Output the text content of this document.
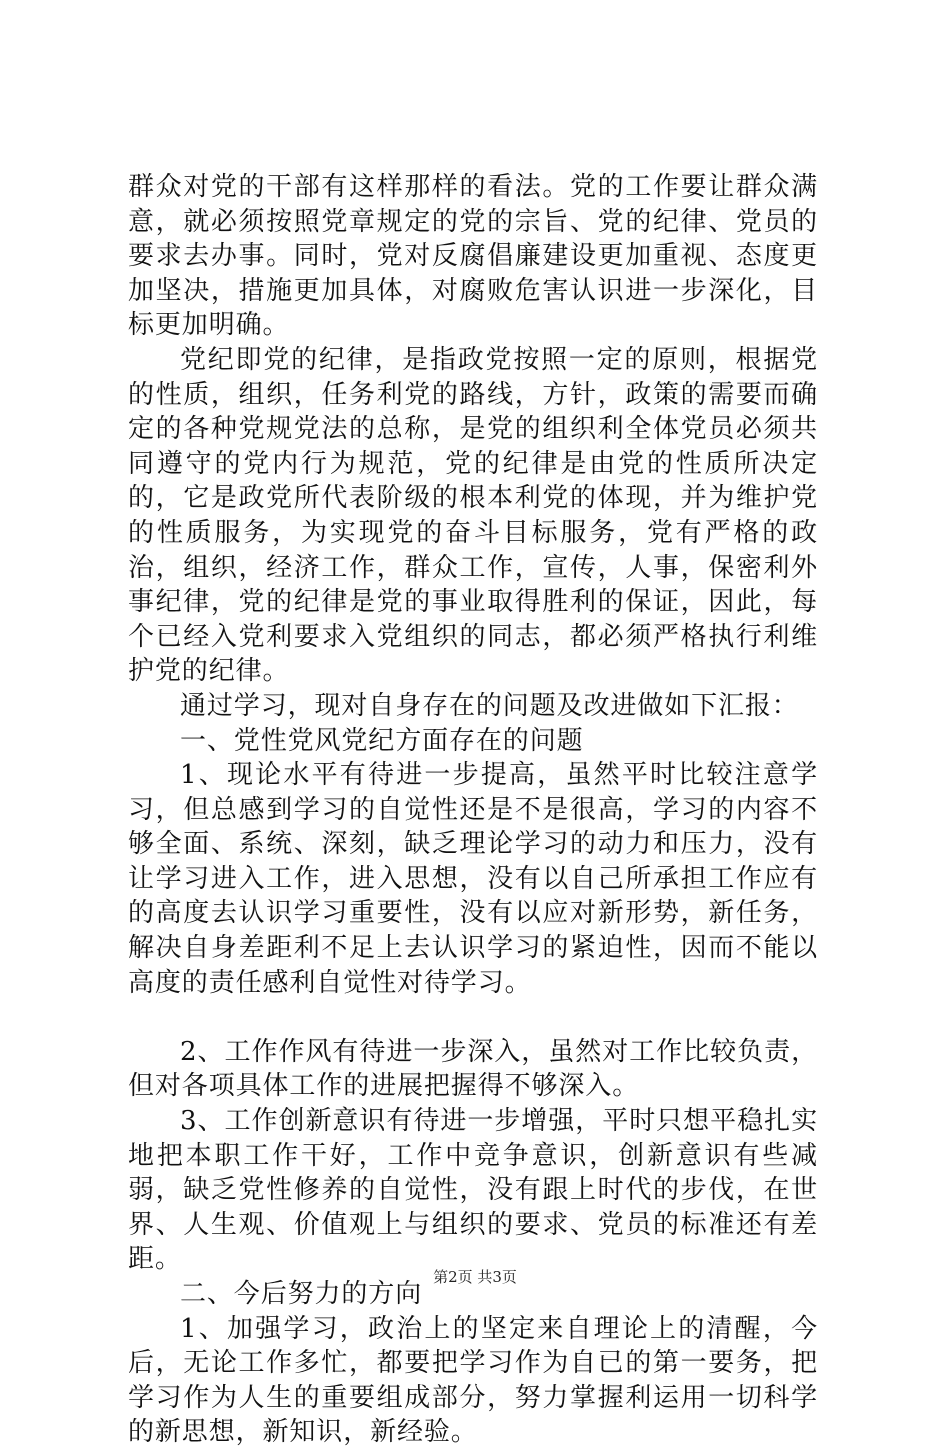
群众对党的干部有这样那样的看法。党的工作要让群众满意，就必须按照党章规定的党的宗旨、党的纪律、党员的要求去办事。同时，党对反腐倡廉建设更加重视、态度更加坚决，措施更加具体，对腐败危害认识进一步深化，目标更加明确。

党纪即党的纪律，是指政党按照一定的原则，根据党的性质，组织，任务利党的路线，方针，政策的需要而确定的各种党规党法的总称，是党的组织利全体党员必须共同遵守的党内行为规范，党的纪律是由党的性质所决定的，它是政党所代表阶级的根本利党的体现，并为维护党的性质服务，为实现党的奋斗目标服务，党有严格的政治，组织，经济工作，群众工作，宣传，人事，保密利外事纪律，党的纪律是党的事业取得胜利的保证，因此，每个已经入党利要求入党组织的同志，都必须严格执行利维护党的纪律。

通过学习，现对自身存在的问题及改进做如下汇报：

一、党性党风党纪方面存在的问题

1、现论水平有待进一步提高，虽然平时比较注意学习，但总感到学习的自觉性还是不是很高，学习的内容不够全面、系统、深刻，缺乏理论学习的动力和压力，没有让学习进入工作，进入思想，没有以自己所承担工作应有的高度去认识学习重要性，没有以应对新形势，新任务，解决自身差距利不足上去认识学习的紧迫性，因而不能以高度的责任感利自觉性对待学习。

2、工作作风有待进一步深入，虽然对工作比较负责，但对各项具体工作的进展把握得不够深入。

3、工作创新意识有待进一步增强，平时只想平稳扎实地把本职工作干好，工作中竞争意识，创新意识有些减弱，缺乏党性修养的自觉性，没有跟上时代的步伐，在世界、人生观、价值观上与组织的要求、党员的标准还有差距。

二、今后努力的方向

1、加强学习，政治上的坚定来自理论上的清醒，今后，无论工作多忙，都要把学习作为自已的第一要务，把学习作为人生的重要组成部分，努力掌握利运用一切科学的新思想，新知识，新经验。

第2页 共3页
